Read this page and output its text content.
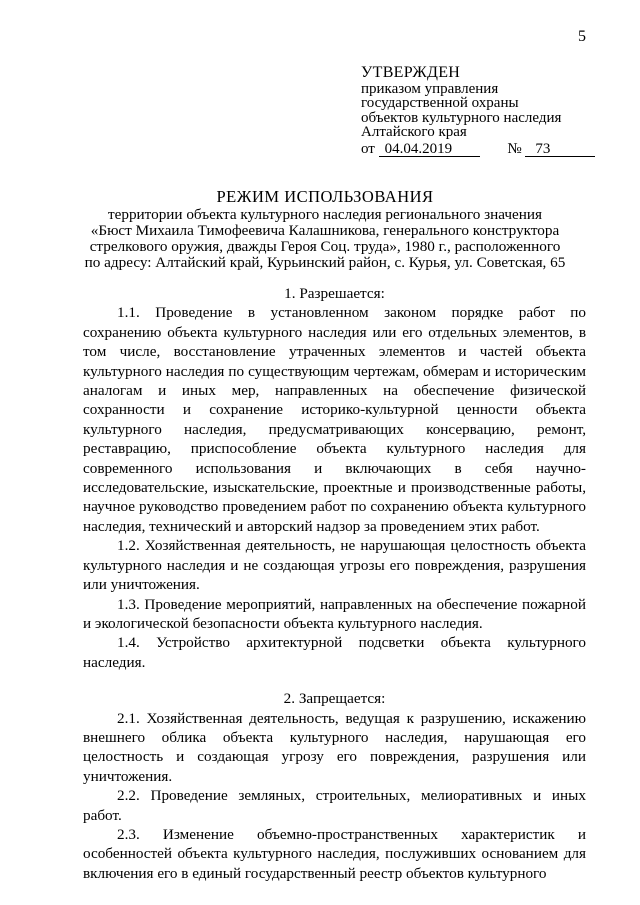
5
УТВЕРЖДЕН
приказом управления
государственной охраны
объектов культурного наследия
Алтайского края
от 04.04.2019	№ 73
РЕЖИМ ИСПОЛЬЗОВАНИЯ
территории объекта культурного наследия регионального значения
«Бюст Михаила Тимофеевича Калашникова, генерального конструктора
стрелкового оружия, дважды Героя Соц. труда», 1980 г., расположенного
по адресу: Алтайский край, Курьинский район, с. Курья, ул. Советская, 65
1. Разрешается:
1.1. Проведение в установленном законом порядке работ по сохранению объекта культурного наследия или его отдельных элементов, в том числе, восстановление утраченных элементов и частей объекта культурного наследия по существующим чертежам, обмерам и историческим аналогам и иных мер, направленных на обеспечение физической сохранности и сохранение историко-культурной ценности объекта культурного наследия, предусматривающих консервацию, ремонт, реставрацию, приспособление объекта культурного наследия для современного использования и включающих в себя научно-исследовательские, изыскательские, проектные и производственные работы, научное руководство проведением работ по сохранению объекта культурного наследия, технический и авторский надзор за проведением этих работ.
1.2. Хозяйственная деятельность, не нарушающая целостность объекта культурного наследия и не создающая угрозы его повреждения, разрушения или уничтожения.
1.3. Проведение мероприятий, направленных на обеспечение пожарной и экологической безопасности объекта культурного наследия.
1.4. Устройство архитектурной подсветки объекта культурного наследия.
2. Запрещается:
2.1. Хозяйственная деятельность, ведущая к разрушению, искажению внешнего облика объекта культурного наследия, нарушающая его целостность и создающая угрозу его повреждения, разрушения или уничтожения.
2.2. Проведение земляных, строительных, мелиоративных и иных работ.
2.3. Изменение объемно-пространственных характеристик и особенностей объекта культурного наследия, послуживших основанием для включения его в единый государственный реестр объектов культурного
